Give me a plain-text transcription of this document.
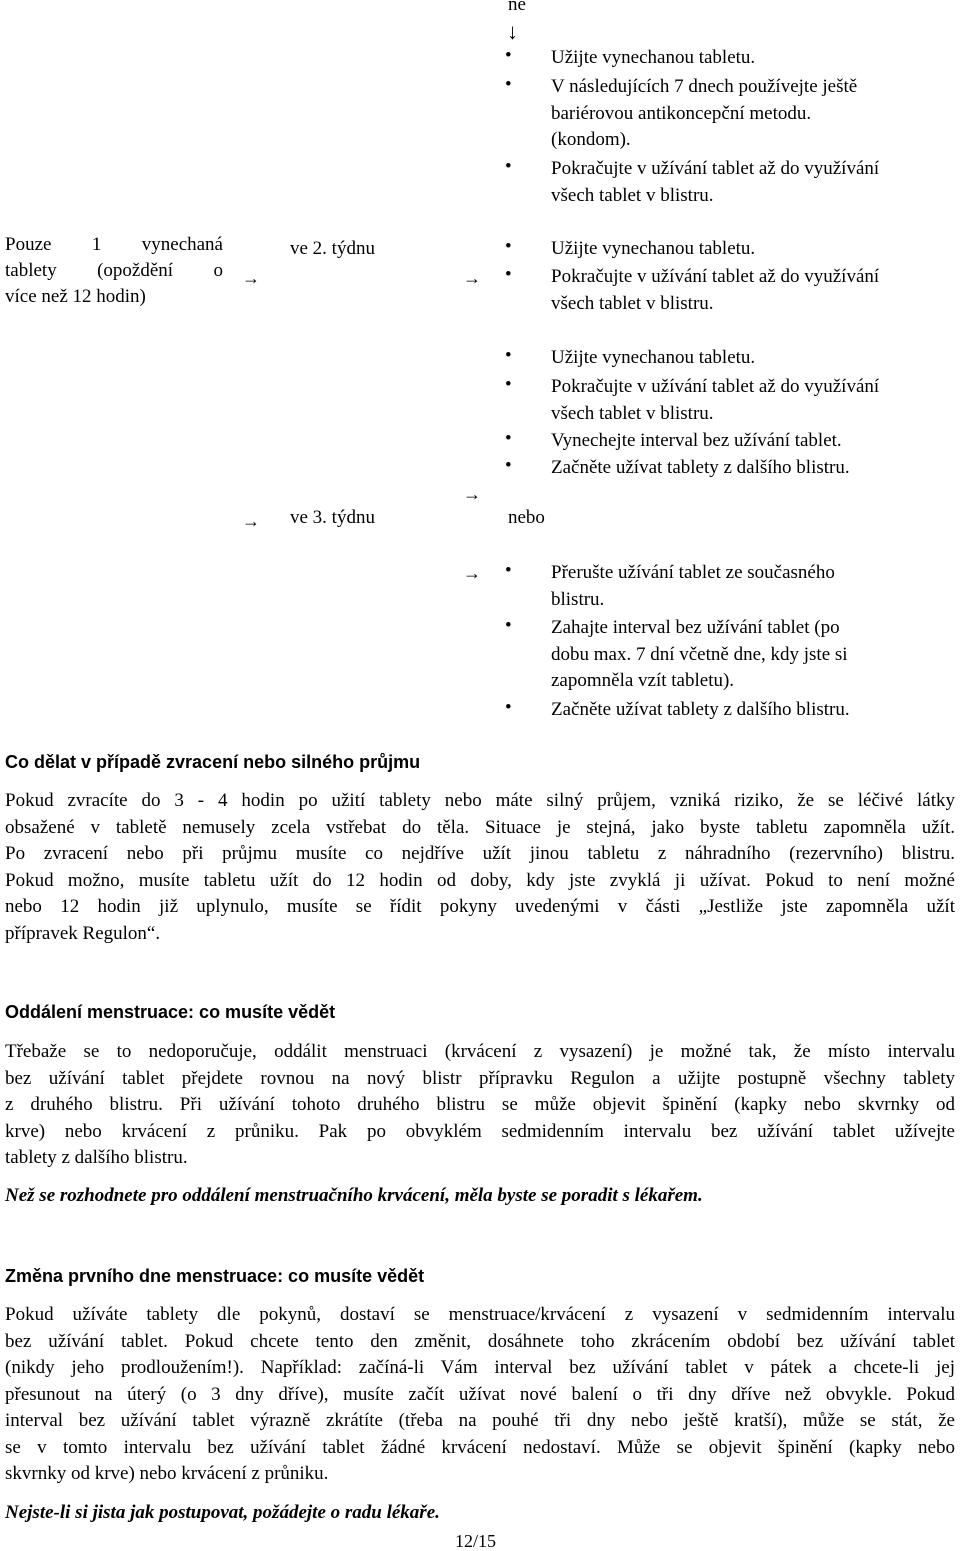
ne
↓
• Užijte vynechanou tabletu.
• V následujících 7 dnech používejte ještě
bariérovou antikoncepční metodu.
(kondom).
• Pokračujte v užívání tablet až do využívání
všech tablet v blistru.
Pouze 1 vynechaná
tablety (opoždění o
více než 12 hodin)
→
ve 2. týdnu
→
• Užijte vynechanou tabletu.
• Pokračujte v užívání tablet až do využívání
všech tablet v blistru.
• Užijte vynechanou tabletu.
• Pokračujte v užívání tablet až do využívání
všech tablet v blistru.
• Vynechejte interval bez užívání tablet.
• Začněte užívat tablety z dalšího blistru.
→
→ ve 3. týdnu	nebo
→ • Přerušte užívání tablet ze současného
blistru.
• Zahajte interval bez užívání tablet (po
dobu max. 7 dní včetně dne, kdy jste si
zapomněla vzít tabletu).
• Začněte užívat tablety z dalšího blistru.
Co dělat v případě zvracení nebo silného průjmu
Pokud zvracíte do 3 - 4 hodin po užití tablety nebo máte silný průjem, vzniká riziko, že se léčivé látky
obsažené v tabletě nemusely zcela vstřebat do těla. Situace je stejná, jako byste tabletu zapomněla užít.
Po zvracení nebo při průjmu musíte co nejdříve užít jinou tabletu z náhradního (rezervního) blistru.
Pokud možno, musíte tabletu užít do 12 hodin od doby, kdy jste zvyklá ji užívat. Pokud to není možné
nebo 12 hodin již uplynulo, musíte se řídit pokyny uvedenými v části „Jestliže jste zapomněla užít
přípravek Regulon“.
Oddálení menstruace: co musíte vědět
Třebaže se to nedoporučuje, oddálit menstruaci (krvácení z vysazení) je možné tak, že místo intervalu
bez užívání tablet přejdete rovnou na nový blistr přípravku Regulon a užijte postupně všechny tablety
z druhého blistru. Při užívání tohoto druhého blistru se může objevit špinění (kapky nebo skvrnky od
krve) nebo krvácení z průniku. Pak po obvyklém sedmidenním intervalu bez užívání tablet užívejte
tablety z dalšího blistru.
Než se rozhodnete pro oddálení menstruačního krvácení, měla byste se poradit s lékařem.
Změna prvního dne menstruace: co musíte vědět
Pokud užíváte tablety dle pokynů, dostaví se menstruace/krvácení z vysazení v sedmidenním intervalu
bez užívání tablet. Pokud chcete tento den změnit, dosáhnete toho zkrácením období bez užívání tablet
(nikdy jeho prodloužením!). Například: začíná-li Vám interval bez užívání tablet v pátek a chcete-li jej
přesunout na úterý (o 3 dny dříve), musíte začít užívat nové balení o tři dny dříve než obvykle. Pokud
interval bez užívání tablet výrazně zkrátíte (třeba na pouhé tři dny nebo ještě kratší), může se stát, že
se v tomto intervalu bez užívání tablet žádné krvácení nedostaví. Může se objevit špinění (kapky nebo
skvrnky od krve) nebo krvácení z průniku.
Nejste-li si jista jak postupovat, požádejte o radu lékaře.
12/15
